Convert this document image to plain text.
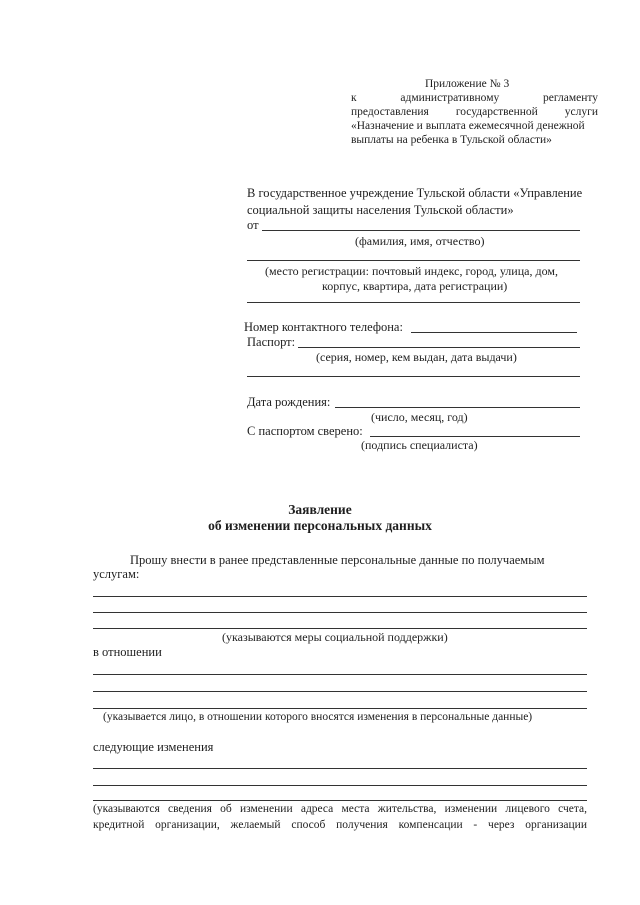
Приложение № 3
к	административному	регламенту
предоставления государственной услуги
«Назначение и выплата ежемесячной денежной
выплаты на ребенка в Тульской области»
В государственное учреждение Тульской области «Управление
социальной защиты населения Тульской области»
от
(фамилия, имя, отчество)
(место регистрации: почтовый индекс, город, улица, дом,
корпус, квартира, дата регистрации)
Номер контактного телефона:
Паспорт:
(серия, номер, кем выдан, дата выдачи)
Дата рождения:
(число, месяц, год)
С паспортом сверено:
(подпись специалиста)
Заявление
об изменении персональных данных
Прошу внести в ранее представленные персональные данные по получаемым
услугам:
(указываются меры социальной поддержки)
в отношении
(указывается лицо, в отношении которого вносятся изменения в персональные данные)
следующие изменения
(указываются сведения об изменении адреса места жительства, изменении лицевого счета,
кредитной организации, желаемый способ получения компенсации - через организации
